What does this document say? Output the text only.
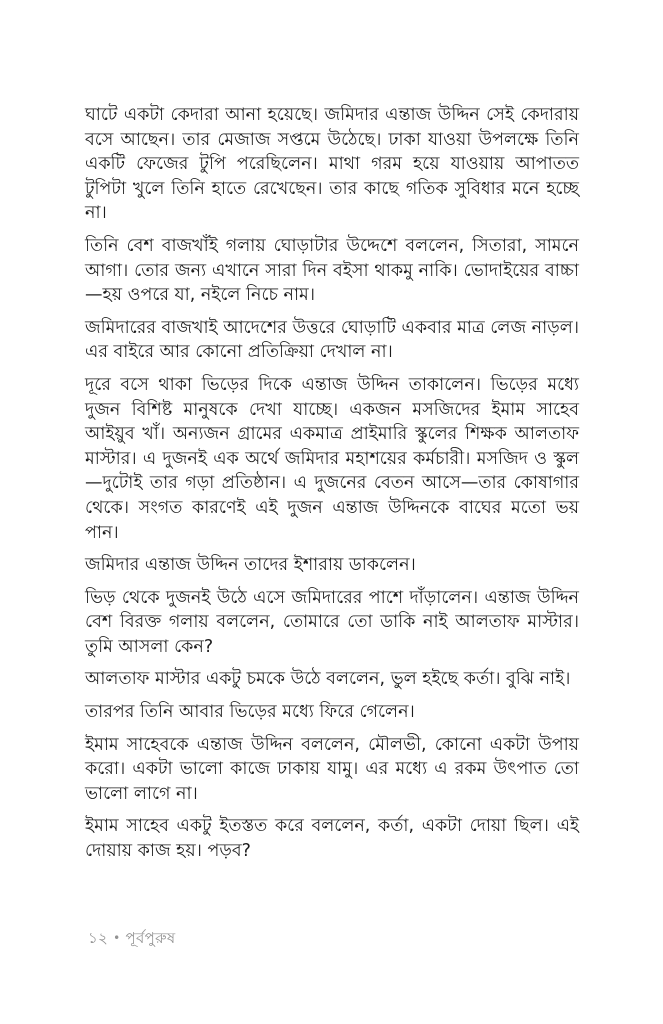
ঘাটে একটা কেদারা আনা হয়েছে। জমিদার এন্তাজ উদ্দিন সেই কেদারায় বসে আছেন। তার মেজাজ সপ্তমে উঠেছে। ঢাকা যাওয়া উপলক্ষে তিনি একটি ফেজের টুপি পরেছিলেন। মাথা গরম হয়ে যাওয়ায় আপাতত টুপিটা খুলে তিনি হাতে রেখেছেন। তার কাছে গতিক সুবিধার মনে হচ্ছে না।

তিনি বেশ বাজখাঁই গলায় ঘোড়াটার উদ্দেশে বললেন, সিতারা, সামনে আগা। তোর জন্য এখানে সারা দিন বইসা থাকমু নাকি। ভোদাইয়ের বাচ্চা—হয় ওপরে যা, নইলে নিচে নাম।

জমিদারের বাজখাই আদেশের উত্তরে ঘোড়াটি একবার মাত্র লেজ নাড়ল। এর বাইরে আর কোনো প্রতিক্রিয়া দেখাল না।

দূরে বসে থাকা ভিড়ের দিকে এন্তাজ উদ্দিন তাকালেন। ভিড়ের মধ্যে দুজন বিশিষ্ট মানুষকে দেখা যাচ্ছে। একজন মসজিদের ইমাম সাহেব আইয়ুব খাঁ। অন্যজন গ্রামের একমাত্র প্রাইমারি স্কুলের শিক্ষক আলতাফ মাস্টার। এ দুজনই এক অর্থে জমিদার মহাশয়ের কর্মচারী। মসজিদ ও স্কুল—দুটোই তার গড়া প্রতিষ্ঠান। এ দুজনের বেতন আসে—তার কোষাগার থেকে। সংগত কারণেই এই দুজন এন্তাজ উদ্দিনকে বাঘের মতো ভয় পান।

জমিদার এন্তাজ উদ্দিন তাদের ইশারায় ডাকলেন।

ভিড় থেকে দুজনই উঠে এসে জমিদারের পাশে দাঁড়ালেন। এন্তাজ উদ্দিন বেশ বিরক্ত গলায় বললেন, তোমারে তো ডাকি নাই আলতাফ মাস্টার। তুমি আসলা কেন?

আলতাফ মাস্টার একটু চমকে উঠে বললেন, ভুল হইছে কর্তা। বুঝি নাই।

তারপর তিনি আবার ভিড়ের মধ্যে ফিরে গেলেন।

ইমাম সাহেবকে এন্তাজ উদ্দিন বললেন, মৌলভী, কোনো একটা উপায় করো। একটা ভালো কাজে ঢাকায় যামু। এর মধ্যে এ রকম উৎপাত তো ভালো লাগে না।

ইমাম সাহেব একটু ইতস্তত করে বললেন, কর্তা, একটা দোয়া ছিল। এই দোয়ায় কাজ হয়। পড়ব?

১২ • পূর্বপুরুষ
